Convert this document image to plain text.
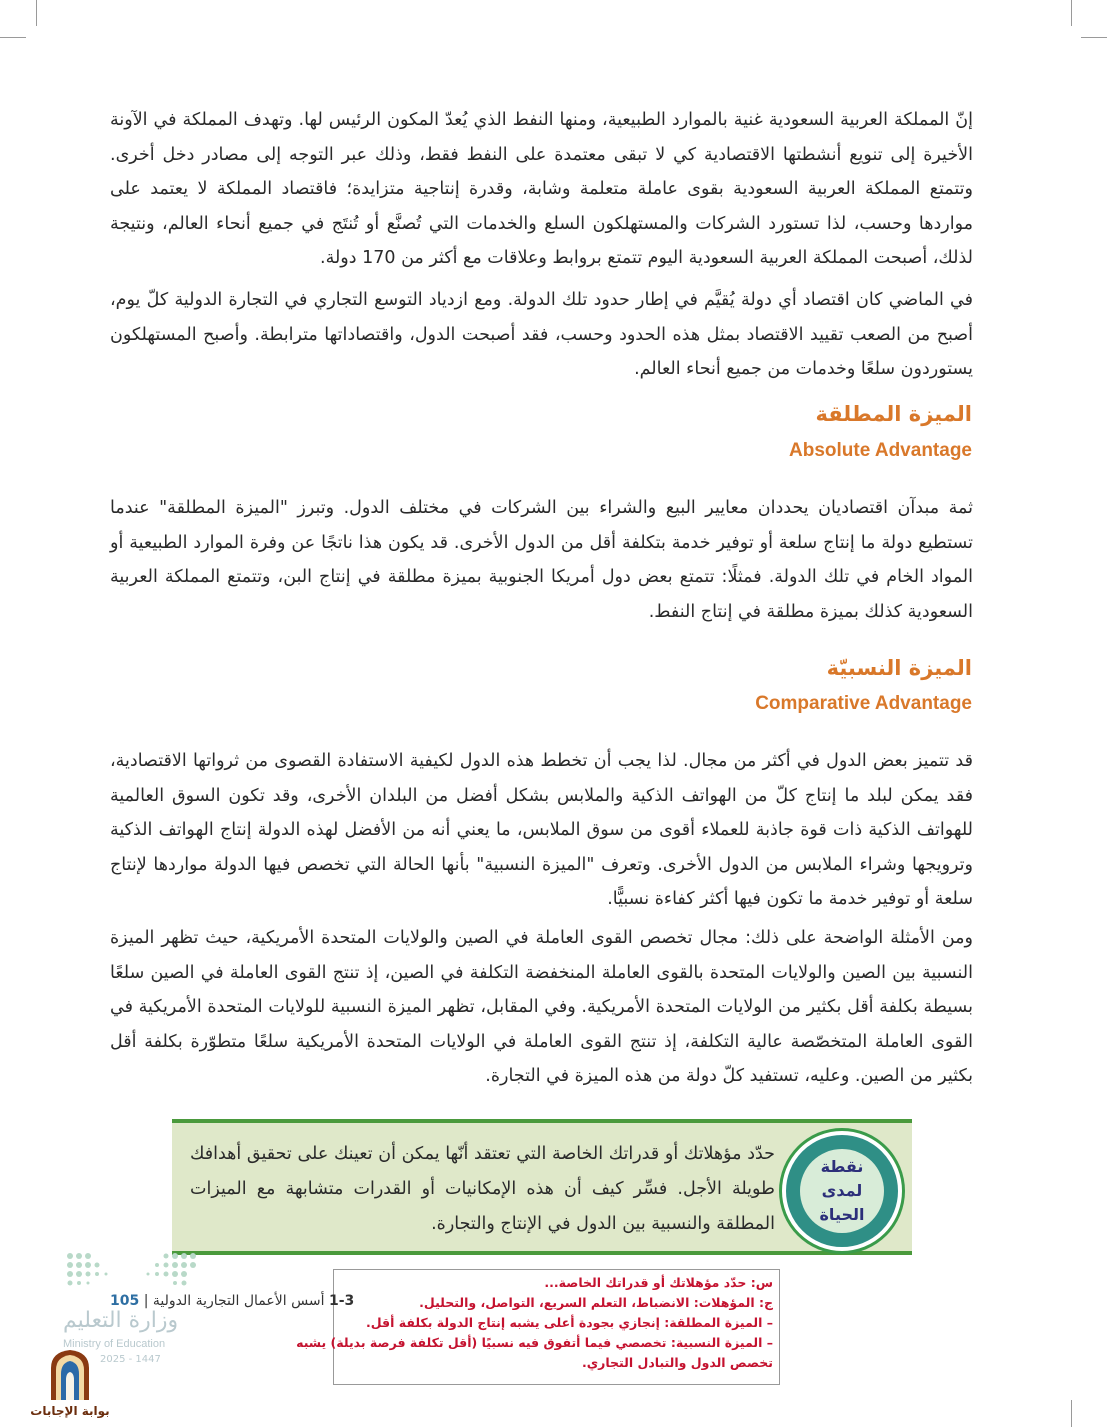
إنّ المملكة العربية السعودية غنية بالموارد الطبيعية، ومنها النفط الذي يُعدّ المكون الرئيس لها. وتهدف المملكة في الآونة الأخيرة إلى تنويع أنشطتها الاقتصادية كي لا تبقى معتمدة على النفط فقط، وذلك عبر التوجه إلى مصادر دخل أخرى. وتتمتع المملكة العربية السعودية بقوى عاملة متعلمة وشابة، وقدرة إنتاجية متزايدة؛ فاقتصاد المملكة لا يعتمد على مواردها وحسب، لذا تستورد الشركات والمستهلكون السلع والخدمات التي تُصنَّع أو تُنتَج في جميع أنحاء العالم، ونتيجة لذلك، أصبحت المملكة العربية السعودية اليوم تتمتع بروابط وعلاقات مع أكثر من 170 دولة.
في الماضي كان اقتصاد أي دولة يُقيَّم في إطار حدود تلك الدولة. ومع ازدياد التوسع التجاري في التجارة الدولية كلّ يوم، أصبح من الصعب تقييد الاقتصاد بمثل هذه الحدود وحسب، فقد أصبحت الدول، واقتصاداتها مترابطة. وأصبح المستهلكون يستوردون سلعًا وخدمات من جميع أنحاء العالم.
الميزة المطلقة
Absolute Advantage
ثمة مبدآن اقتصاديان يحددان معايير البيع والشراء بين الشركات في مختلف الدول. وتبرز "الميزة المطلقة" عندما تستطيع دولة ما إنتاج سلعة أو توفير خدمة بتكلفة أقل من الدول الأخرى. قد يكون هذا ناتجًا عن وفرة الموارد الطبيعية أو المواد الخام في تلك الدولة. فمثلًا: تتمتع بعض دول أمريكا الجنوبية بميزة مطلقة في إنتاج البن، وتتمتع المملكة العربية السعودية كذلك بميزة مطلقة في إنتاج النفط.
الميزة النسبيّة
Comparative Advantage
قد تتميز بعض الدول في أكثر من مجال. لذا يجب أن تخطط هذه الدول لكيفية الاستفادة القصوى من ثرواتها الاقتصادية، فقد يمكن لبلد ما إنتاج كلّ من الهواتف الذكية والملابس بشكل أفضل من البلدان الأخرى، وقد تكون السوق العالمية للهواتف الذكية ذات قوة جاذبة للعملاء أقوى من سوق الملابس، ما يعني أنه من الأفضل لهذه الدولة إنتاج الهواتف الذكية وترويجها وشراء الملابس من الدول الأخرى. وتعرف "الميزة النسبية" بأنها الحالة التي تخصص فيها الدولة مواردها لإنتاج سلعة أو توفير خدمة ما تكون فيها أكثر كفاءة نسبيًّا.
ومن الأمثلة الواضحة على ذلك: مجال تخصص القوى العاملة في الصين والولايات المتحدة الأمريكية، حيث تظهر الميزة النسبية بين الصين والولايات المتحدة بالقوى العاملة المنخفضة التكلفة في الصين، إذ تنتج القوى العاملة في الصين سلعًا بسيطة بكلفة أقل بكثير من الولايات المتحدة الأمريكية. وفي المقابل، تظهر الميزة النسبية للولايات المتحدة الأمريكية في القوى العاملة المتخصّصة عالية التكلفة، إذ تنتج القوى العاملة في الولايات المتحدة الأمريكية سلعًا متطوّرة بكلفة أقل بكثير من الصين. وعليه، تستفيد كلّ دولة من هذه الميزة في التجارة.
حدّد مؤهلاتك أو قدراتك الخاصة التي تعتقد أنّها يمكن أن تعينك على تحقيق أهدافك طويلة الأجل. فسِّر كيف أن هذه الإمكانيات أو القدرات متشابهة مع الميزات المطلقة والنسبية بين الدول في الإنتاج والتجارة.
نقطة لمدى الحياة
س: حدّد مؤهلاتك أو قدراتك الخاصة...
ج: المؤهلات: الانضباط، التعلم السريع، التواصل، والتحليل.
– الميزة المطلقة: إنجازي بجودة أعلى يشبه إنتاج الدولة بكلفة أقل.
– الميزة النسبية: تخصصي فيما أتفوق فيه نسبيًا (أقل تكلفة فرصة بديلة) يشبه
تخصص الدول والتبادل التجاري.
1-3 أسس الأعمال التجارية الدولية | 105
وزارة التعليم
Ministry of Education
2025 - 1447
بوابة الإجابات
